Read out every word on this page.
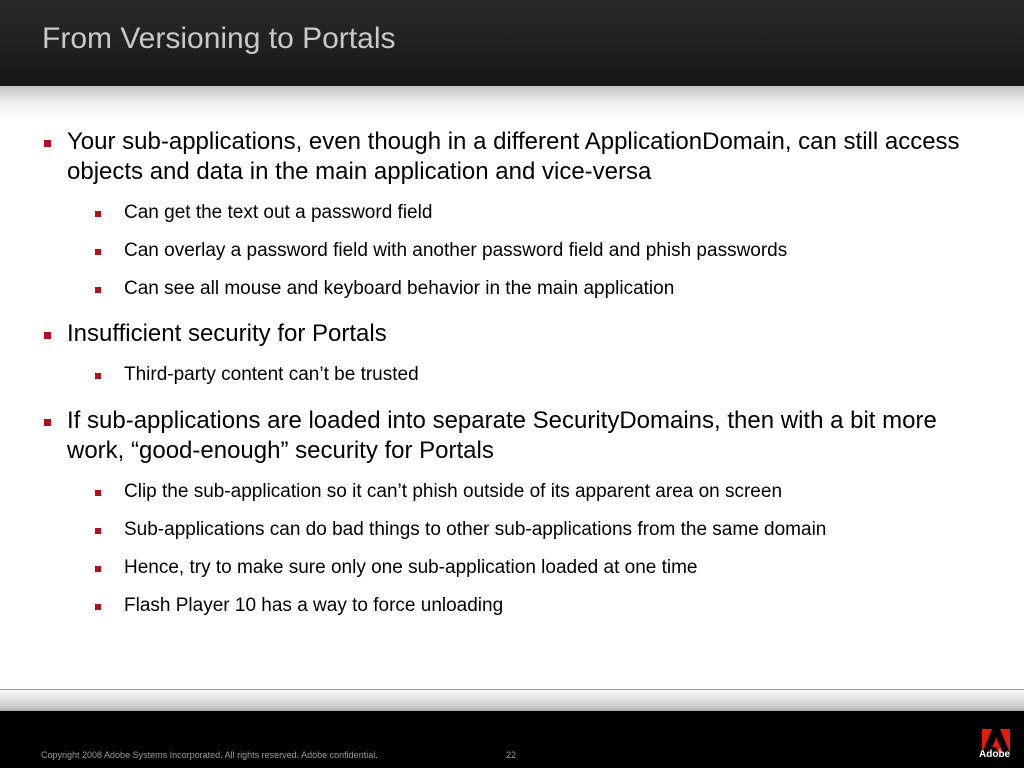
From Versioning to Portals
Your sub-applications, even though in a different ApplicationDomain, can still access objects and data in the main application and vice-versa
Can get the text out a password field
Can overlay a password field with another password field and phish passwords
Can see all mouse and keyboard behavior in the main application
Insufficient security for Portals
Third-party content can’t be trusted
If sub-applications are loaded into separate SecurityDomains, then with a bit more work, “good-enough” security for Portals
Clip the sub-application so it can’t phish outside of its apparent area on screen
Sub-applications can do bad things to other sub-applications from the same domain
Hence, try to make sure only one sub-application loaded at one time
Flash Player 10 has a way to force unloading
Copyright 2008 Adobe Systems Incorporated. All rights reserved. Adobe confidential.	22	Adobe
